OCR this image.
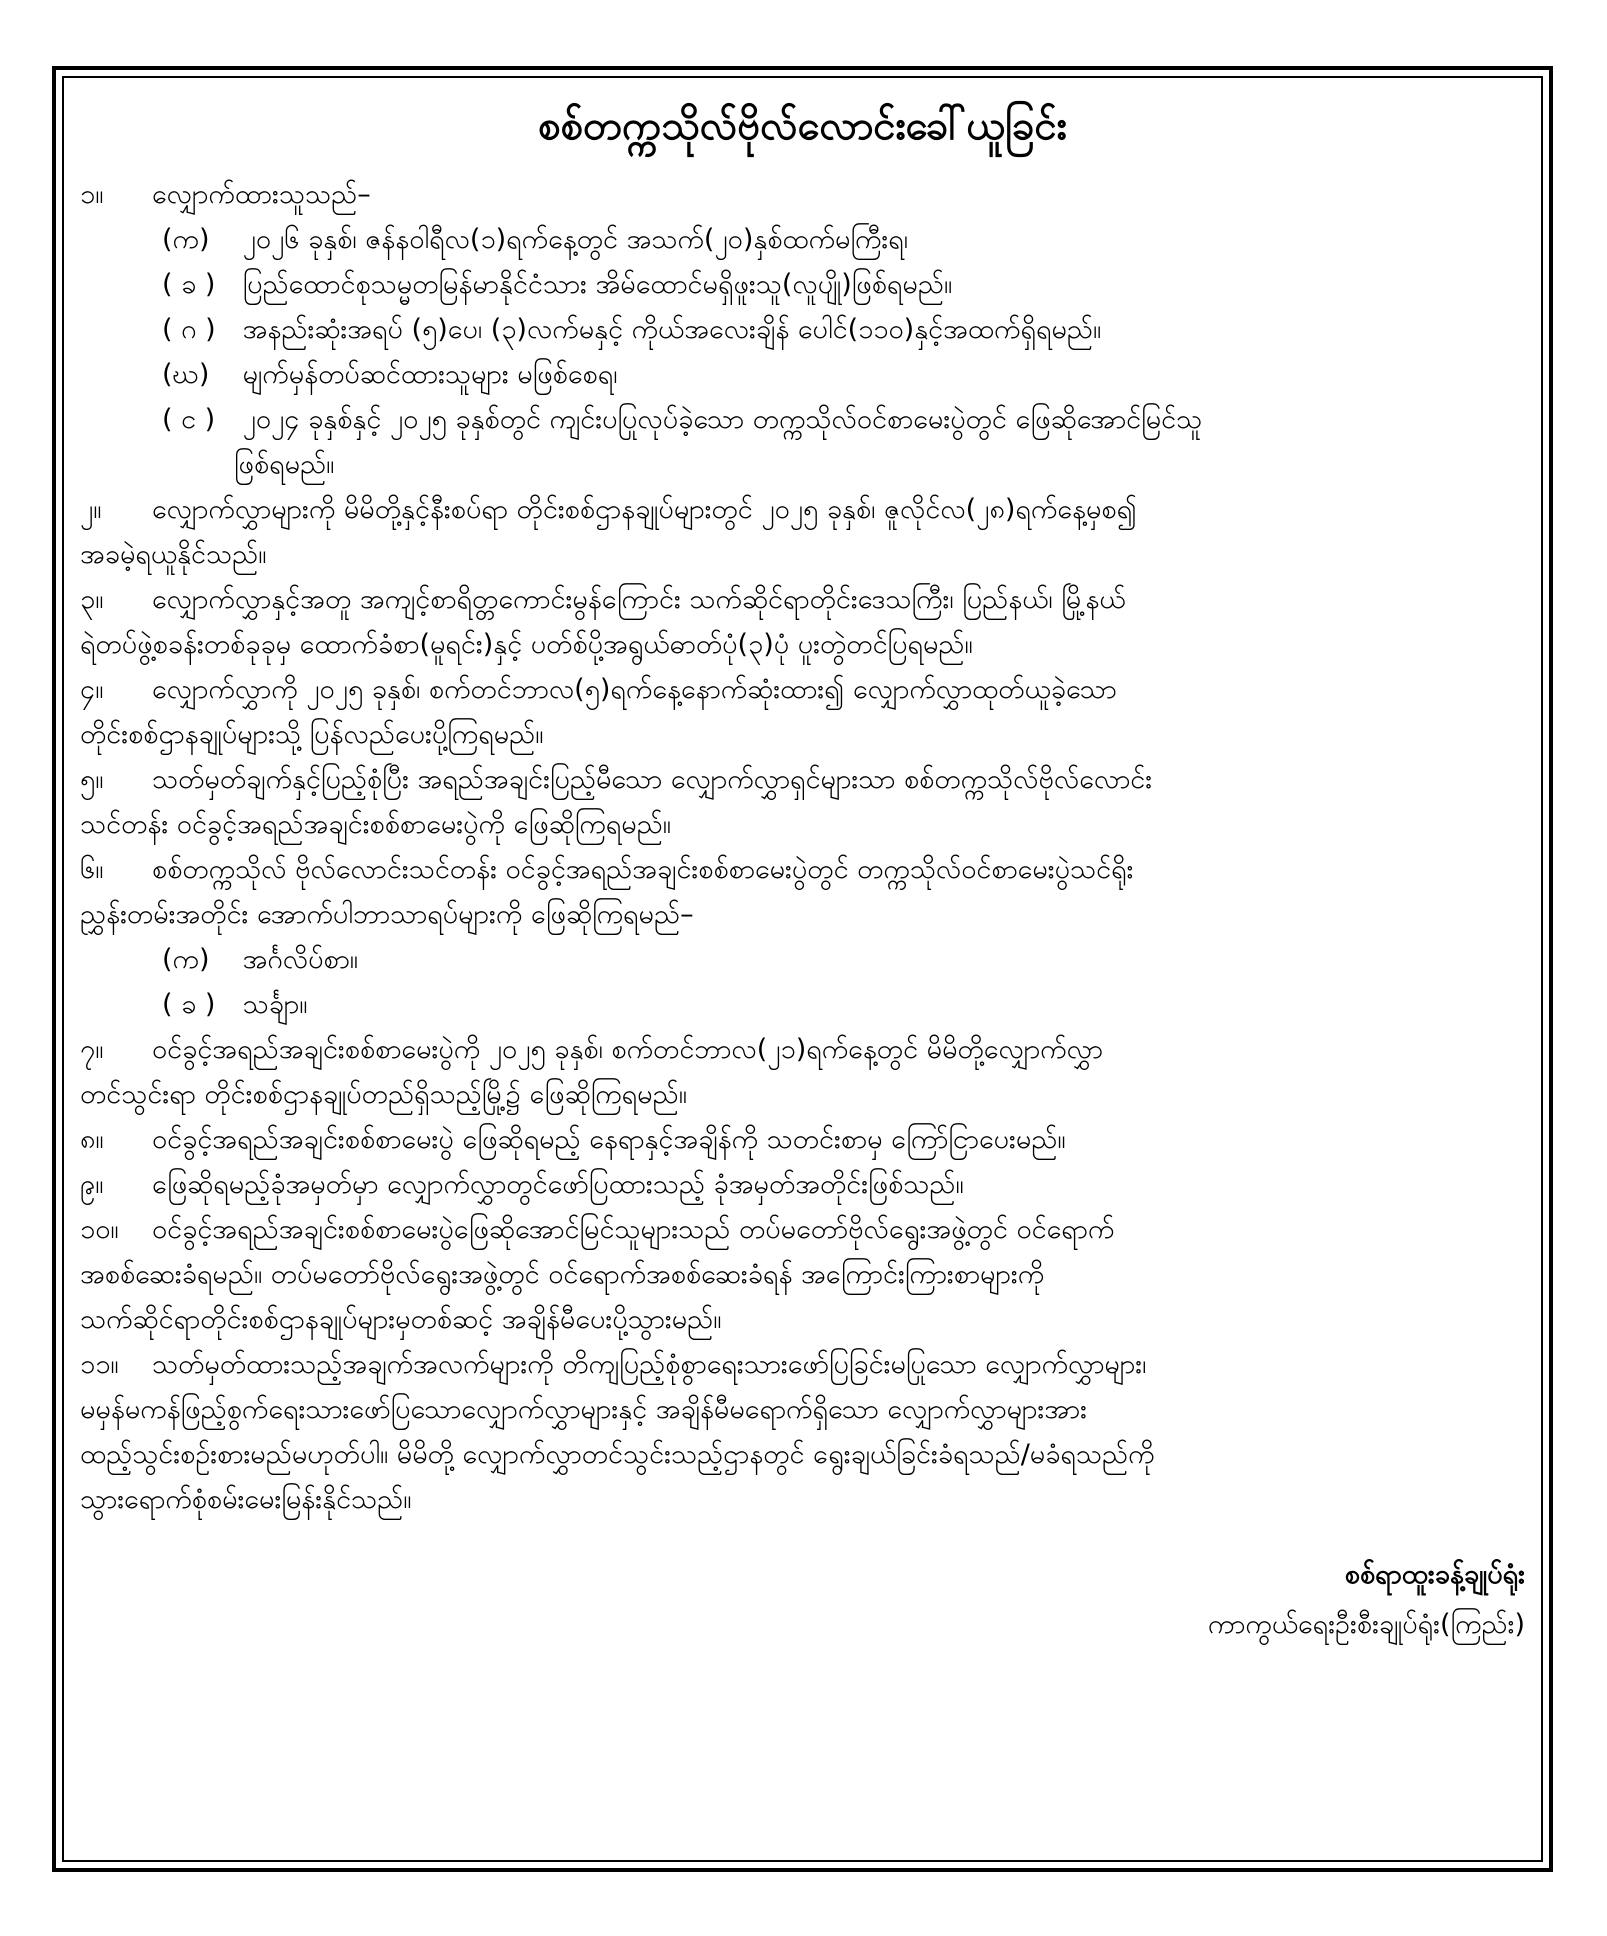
စစ်တက္ကသိုလ်ဗိုလ်လောင်းခေါ်ယူခြင်း
၁။ လျှောက်ထားသူသည်–
(က) ၂၀၂၆ ခုနှစ်၊ ဇန်နဝါရီလ(၁)ရက်နေ့တွင် အသက်(၂၀)နှစ်ထက်မကြီးရ၊
( ခ ) ပြည်ထောင်စုသမ္မတမြန်မာနိုင်ငံသား အိမ်ထောင်မရှိဖူးသူ(လူပျို)ဖြစ်ရမည်။
( ဂ ) အနည်းဆုံးအရပ် (၅)ပေ၊ (၃)လက်မနှင့် ကိုယ်အလေးချိန် ပေါင်(၁၁၀)နှင့်အထက်ရှိရမည်။
(ဃ) မျက်မှန်တပ်ဆင်ထားသူများ မဖြစ်စေရ၊
( င ) ၂၀၂၄ ခုနှစ်နှင့် ၂၀၂၅ ခုနှစ်တွင် ကျင်းပပြုလုပ်ခဲ့သော တက္ကသိုလ်ဝင်စာမေးပွဲတွင် ဖြေဆိုအောင်မြင်သူ
ဖြစ်ရမည်။
၂။ လျှောက်လွှာများကို မိမိတို့နှင့်နီးစပ်ရာ တိုင်းစစ်ဌာနချုပ်များတွင် ၂၀၂၅ ခုနှစ်၊ ဇူလိုင်လ(၂၈)ရက်နေ့မှစ၍
အခမဲ့ရယူနိုင်သည်။
၃။ လျှောက်လွှာနှင့်အတူ အကျင့်စာရိတ္တကောင်းမွန်ကြောင်း သက်ဆိုင်ရာတိုင်းဒေသကြီး၊ ပြည်နယ်၊ မြို့နယ်
ရဲတပ်ဖွဲ့စခန်းတစ်ခုခုမှ ထောက်ခံစာ(မူရင်း)နှင့် ပတ်စ်ပို့အရွယ်ဓာတ်ပုံ(၃)ပုံ ပူးတွဲတင်ပြရမည်။
၄။ လျှောက်လွှာကို ၂၀၂၅ ခုနှစ်၊ စက်တင်ဘာလ(၅)ရက်နေ့နောက်ဆုံးထား၍ လျှောက်လွှာထုတ်ယူခဲ့သော
တိုင်းစစ်ဌာနချုပ်များသို့ ပြန်လည်ပေးပို့ကြရမည်။
၅။ သတ်မှတ်ချက်နှင့်ပြည့်စုံပြီး အရည်အချင်းပြည့်မီသော လျှောက်လွှာရှင်များသာ စစ်တက္ကသိုလ်ဗိုလ်လောင်း
သင်တန်း ဝင်ခွင့်အရည်အချင်းစစ်စာမေးပွဲကို ဖြေဆိုကြရမည်။
၆။ စစ်တက္ကသိုလ် ဗိုလ်လောင်းသင်တန်း ဝင်ခွင့်အရည်အချင်းစစ်စာမေးပွဲတွင် တက္ကသိုလ်ဝင်စာမေးပွဲသင်ရိုး
ညွှန်းတမ်းအတိုင်း အောက်ပါဘာသာရပ်များကို ဖြေဆိုကြရမည်–
(က) အင်္ဂလိပ်စာ။
( ခ ) သင်္ချာ။
၇။ ဝင်ခွင့်အရည်အချင်းစစ်စာမေးပွဲကို ၂၀၂၅ ခုနှစ်၊ စက်တင်ဘာလ(၂၁)ရက်နေ့တွင် မိမိတို့လျှောက်လွှာ
တင်သွင်းရာ တိုင်းစစ်ဌာနချုပ်တည်ရှိသည့်မြို့၌ ဖြေဆိုကြရမည်။
၈။ ဝင်ခွင့်အရည်အချင်းစစ်စာမေးပွဲ ဖြေဆိုရမည့် နေရာနှင့်အချိန်ကို သတင်းစာမှ ကြော်ငြာပေးမည်။
၉။ ဖြေဆိုရမည့်ခုံအမှတ်မှာ လျှောက်လွှာတွင်ဖော်ပြထားသည့် ခုံအမှတ်အတိုင်းဖြစ်သည်။
၁၀။ ဝင်ခွင့်အရည်အချင်းစစ်စာမေးပွဲဖြေဆိုအောင်မြင်သူများသည် တပ်မတော်ဗိုလ်ရွေးအဖွဲ့တွင် ဝင်ရောက်
အစစ်ဆေးခံရမည်။ တပ်မတော်ဗိုလ်ရွေးအဖွဲ့တွင် ဝင်ရောက်အစစ်ဆေးခံရန် အကြောင်းကြားစာများကို
သက်ဆိုင်ရာတိုင်းစစ်ဌာနချုပ်များမှတစ်ဆင့် အချိန်မီပေးပို့သွားမည်။
၁၁။ သတ်မှတ်ထားသည့်အချက်အလက်များကို တိကျပြည့်စုံစွာရေးသားဖော်ပြခြင်းမပြုသော လျှောက်လွှာများ၊
မမှန်မကန်ဖြည့်စွက်ရေးသားဖော်ပြသောလျှောက်လွှာများနှင့် အချိန်မီမရောက်ရှိသော လျှောက်လွှာများအား
ထည့်သွင်းစဉ်းစားမည်မဟုတ်ပါ။ မိမိတို့ လျှောက်လွှာတင်သွင်းသည့်ဌာနတွင် ရွေးချယ်ခြင်းခံရသည်/မခံရသည်ကို
သွားရောက်စုံစမ်းမေးမြန်းနိုင်သည်။
စစ်ရာထူးခန့်ချုပ်ရုံး
ကာကွယ်ရေးဦးစီးချုပ်ရုံး(ကြည်း)
